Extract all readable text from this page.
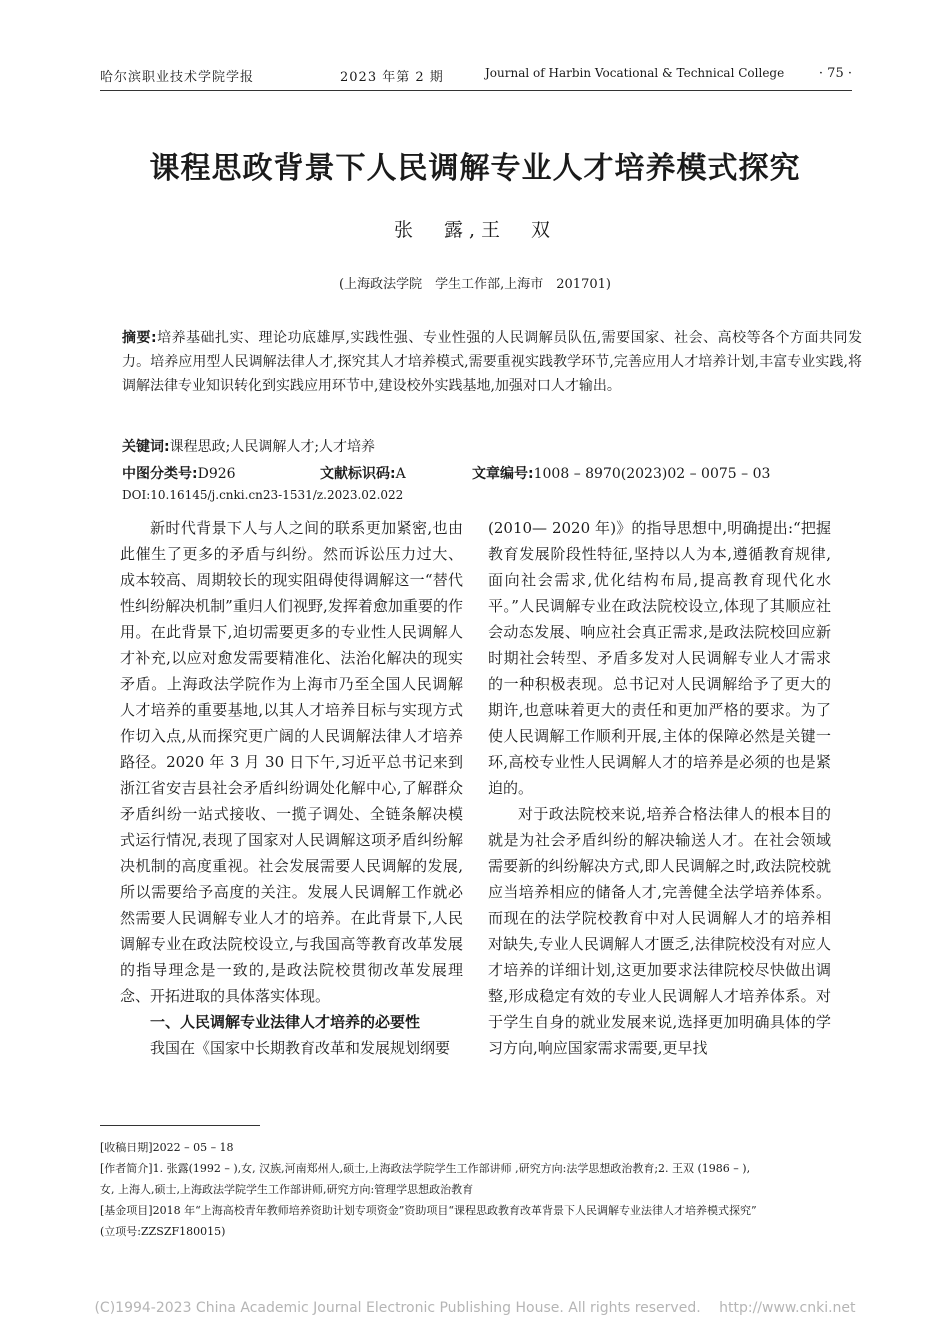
哈尔滨职业技术学院学报	2023 年第 2 期	Journal of Harbin Vocational & Technical College	· 75 ·
课程思政背景下人民调解专业人才培养模式探究
张　露,王　双
(上海政法学院　学生工作部,上海市　201701)
摘要:培养基础扎实、理论功底雄厚,实践性强、专业性强的人民调解员队伍,需要国家、社会、高校等各个方面共同发力。培养应用型人民调解法律人才,探究其人才培养模式,需要重视实践教学环节,完善应用人才培养计划,丰富专业实践,将调解法律专业知识转化到实践应用环节中,建设校外实践基地,加强对口人才输出。
关键词:课程思政;人民调解人才;人才培养
中图分类号:D926	文献标识码:A	文章编号:1008 – 8970(2023)02 – 0075 – 03
DOI:10.16145/j.cnki.cn23-1531/z.2023.02.022

新时代背景下人与人之间的联系更加紧密,也由此催生了更多的矛盾与纠纷。然而诉讼压力过大、成本较高、周期较长的现实阻碍使得调解这一“替代性纠纷解决机制”重归人们视野,发挥着愈加重要的作用。在此背景下,迫切需要更多的专业性人民调解人才补充,以应对愈发需要精准化、法治化解决的现实矛盾。上海政法学院作为上海市乃至全国人民调解人才培养的重要基地,以其人才培养目标与实现方式作切入点,从而探究更广阔的人民调解法律人才培养路径。2020 年 3 月 30 日下午,习近平总书记来到浙江省安吉县社会矛盾纠纷调处化解中心,了解群众矛盾纠纷一站式接收、一揽子调处、全链条解决模式运行情况,表现了国家对人民调解这项矛盾纠纷解决机制的高度重视。社会发展需要人民调解的发展,所以需要给予高度的关注。发展人民调解工作就必然需要人民调解专业人才的培养。在此背景下,人民调解专业在政法院校设立,与我国高等教育改革发展的指导理念是一致的,是政法院校贯彻改革发展理念、开拓进取的具体落实体现。

一、人民调解专业法律人才培养的必要性

我国在《国家中长期教育改革和发展规划纲要

(2010— 2020 年)》的指导思想中,明确提出:“把握教育发展阶段性特征,坚持以人为本,遵循教育规律,面向社会需求,优化结构布局,提高教育现代化水平。”人民调解专业在政法院校设立,体现了其顺应社会动态发展、响应社会真正需求,是政法院校回应新时期社会转型、矛盾多发对人民调解专业人才需求的一种积极表现。总书记对人民调解给予了更大的期许,也意味着更大的责任和更加严格的要求。为了使人民调解工作顺利开展,主体的保障必然是关键一环,高校专业性人民调解人才的培养是必须的也是紧迫的。

对于政法院校来说,培养合格法律人的根本目的就是为社会矛盾纠纷的解决输送人才。在社会领域需要新的纠纷解决方式,即人民调解之时,政法院校就应当培养相应的储备人才,完善健全法学培养体系。而现在的法学院校教育中对人民调解人才的培养相对缺失,专业人民调解人才匮乏,法律院校没有对应人才培养的详细计划,这更加要求法律院校尽快做出调整,形成稳定有效的专业人民调解人才培养体系。对于学生自身的就业发展来说,选择更加明确具体的学习方向,响应国家需求需要,更早找

[收稿日期]2022 – 05 – 18
[作者简介]1. 张露(1992 – ),女, 汉族,河南郑州人,硕士,上海政法学院学生工作部讲师 ,研究方向:法学思想政治教育;2. 王双 (1986 – ),
女, 上海人,硕士,上海政法学院学生工作部讲师,研究方向:管理学思想政治教育
[基金项目]2018 年“上海高校青年教师培养资助计划专项资金”资助项目“课程思政教育改革背景下人民调解专业法律人才培养模式探究”
(立项号:ZZSZF180015)
(C)1994-2023 China Academic Journal Electronic Publishing House. All rights reserved.　 http://www.cnki.net
